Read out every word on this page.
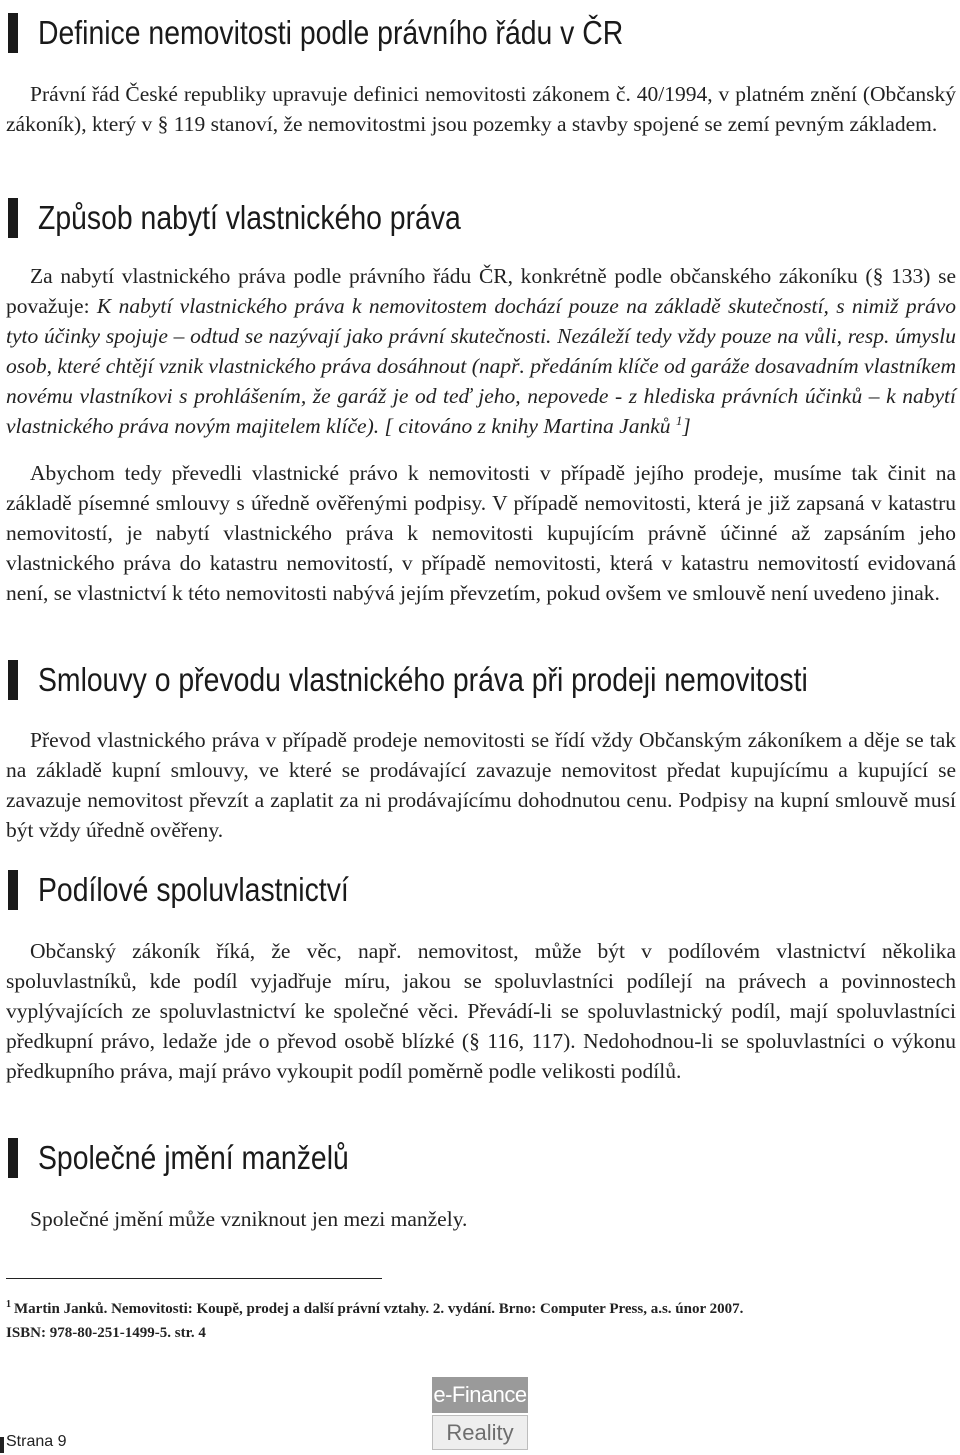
Definice nemovitosti podle právního řádu v ČR

Právní řád České republiky upravuje definici nemovitosti zákonem č. 40/1994, v platném znění (Občanský zákoník), který v § 119 stanoví, že nemovitostmi jsou pozemky a stavby spojené se zemí pevným základem.

Způsob nabytí vlastnického práva

Za nabytí vlastnického práva podle právního řádu ČR, konkrétně podle občanského zákoníku (§ 133) se považuje: K nabytí vlastnického práva k nemovitostem dochází pouze na základě skutečností, s nimiž právo tyto účinky spojuje – odtud se nazývají jako právní skutečnosti. Nezáleží tedy vždy pouze na vůli, resp. úmyslu osob, které chtějí vznik vlastnického práva dosáhnout (např. předáním klíče od garáže dosavadním vlastníkem novému vlastníkovi s prohlášením, že garáž je od teď jeho, nepovede - z hlediska právních účinků – k nabytí vlastnického práva novým majitelem klíče). [ citováno z knihy Martina Janků $^1$]

Abychom tedy převedli vlastnické právo k nemovitosti v případě jejího prodeje, musíme tak činit na základě písemné smlouvy s úředně ověřenými podpisy. V případě nemovitosti, která je již zapsaná v katastru nemovitostí, je nabytí vlastnického práva k nemovitosti kupujícím právně účinné až zapsáním jeho vlastnického práva do katastru nemovitostí, v případě nemovitosti, která v katastru nemovitostí evidovaná není, se vlastnictví k této nemovitosti nabývá jejím převzetím, pokud ovšem ve smlouvě není uvedeno jinak.

Smlouvy o převodu vlastnického práva při prodeji nemovitosti

Převod vlastnického práva v případě prodeje nemovitosti se řídí vždy Občanským zákoníkem a děje se tak na základě kupní smlouvy, ve které se prodávající zavazuje nemovitost předat kupujícímu a kupující se zavazuje nemovitost převzít a zaplatit za ni prodávajícímu dohodnutou cenu. Podpisy na kupní smlouvě musí být vždy úředně ověřeny.

Podílové spoluvlastnictví

Občanský zákoník říká, že věc, např. nemovitost, může být v podílovém vlastnictví několika spoluvlastníků, kde podíl vyjadřuje míru, jakou se spoluvlastníci podílejí na právech a povinnostech vyplývajících ze spoluvlastnictví ke společné věci. Převádí-li se spoluvlastnický podíl, mají spoluvlastníci předkupní právo, ledaže jde o převod osobě blízké (§ 116, 117). Nedohodnou-li se spoluvlastníci o výkonu předkupního práva, mají právo vykoupit podíl poměrně podle velikosti podílů.

Společné jmění manželů

Společné jmění může vzniknout jen mezi manžely.

$^1$ Martin Janků. Nemovitosti: Koupě, prodej a další právní vztahy. 2. vydání. Brno: Computer Press, a.s. únor 2007.
ISBN: 978-80-251-1499-5. str. 4
e-Finance
Reality
Strana 9
